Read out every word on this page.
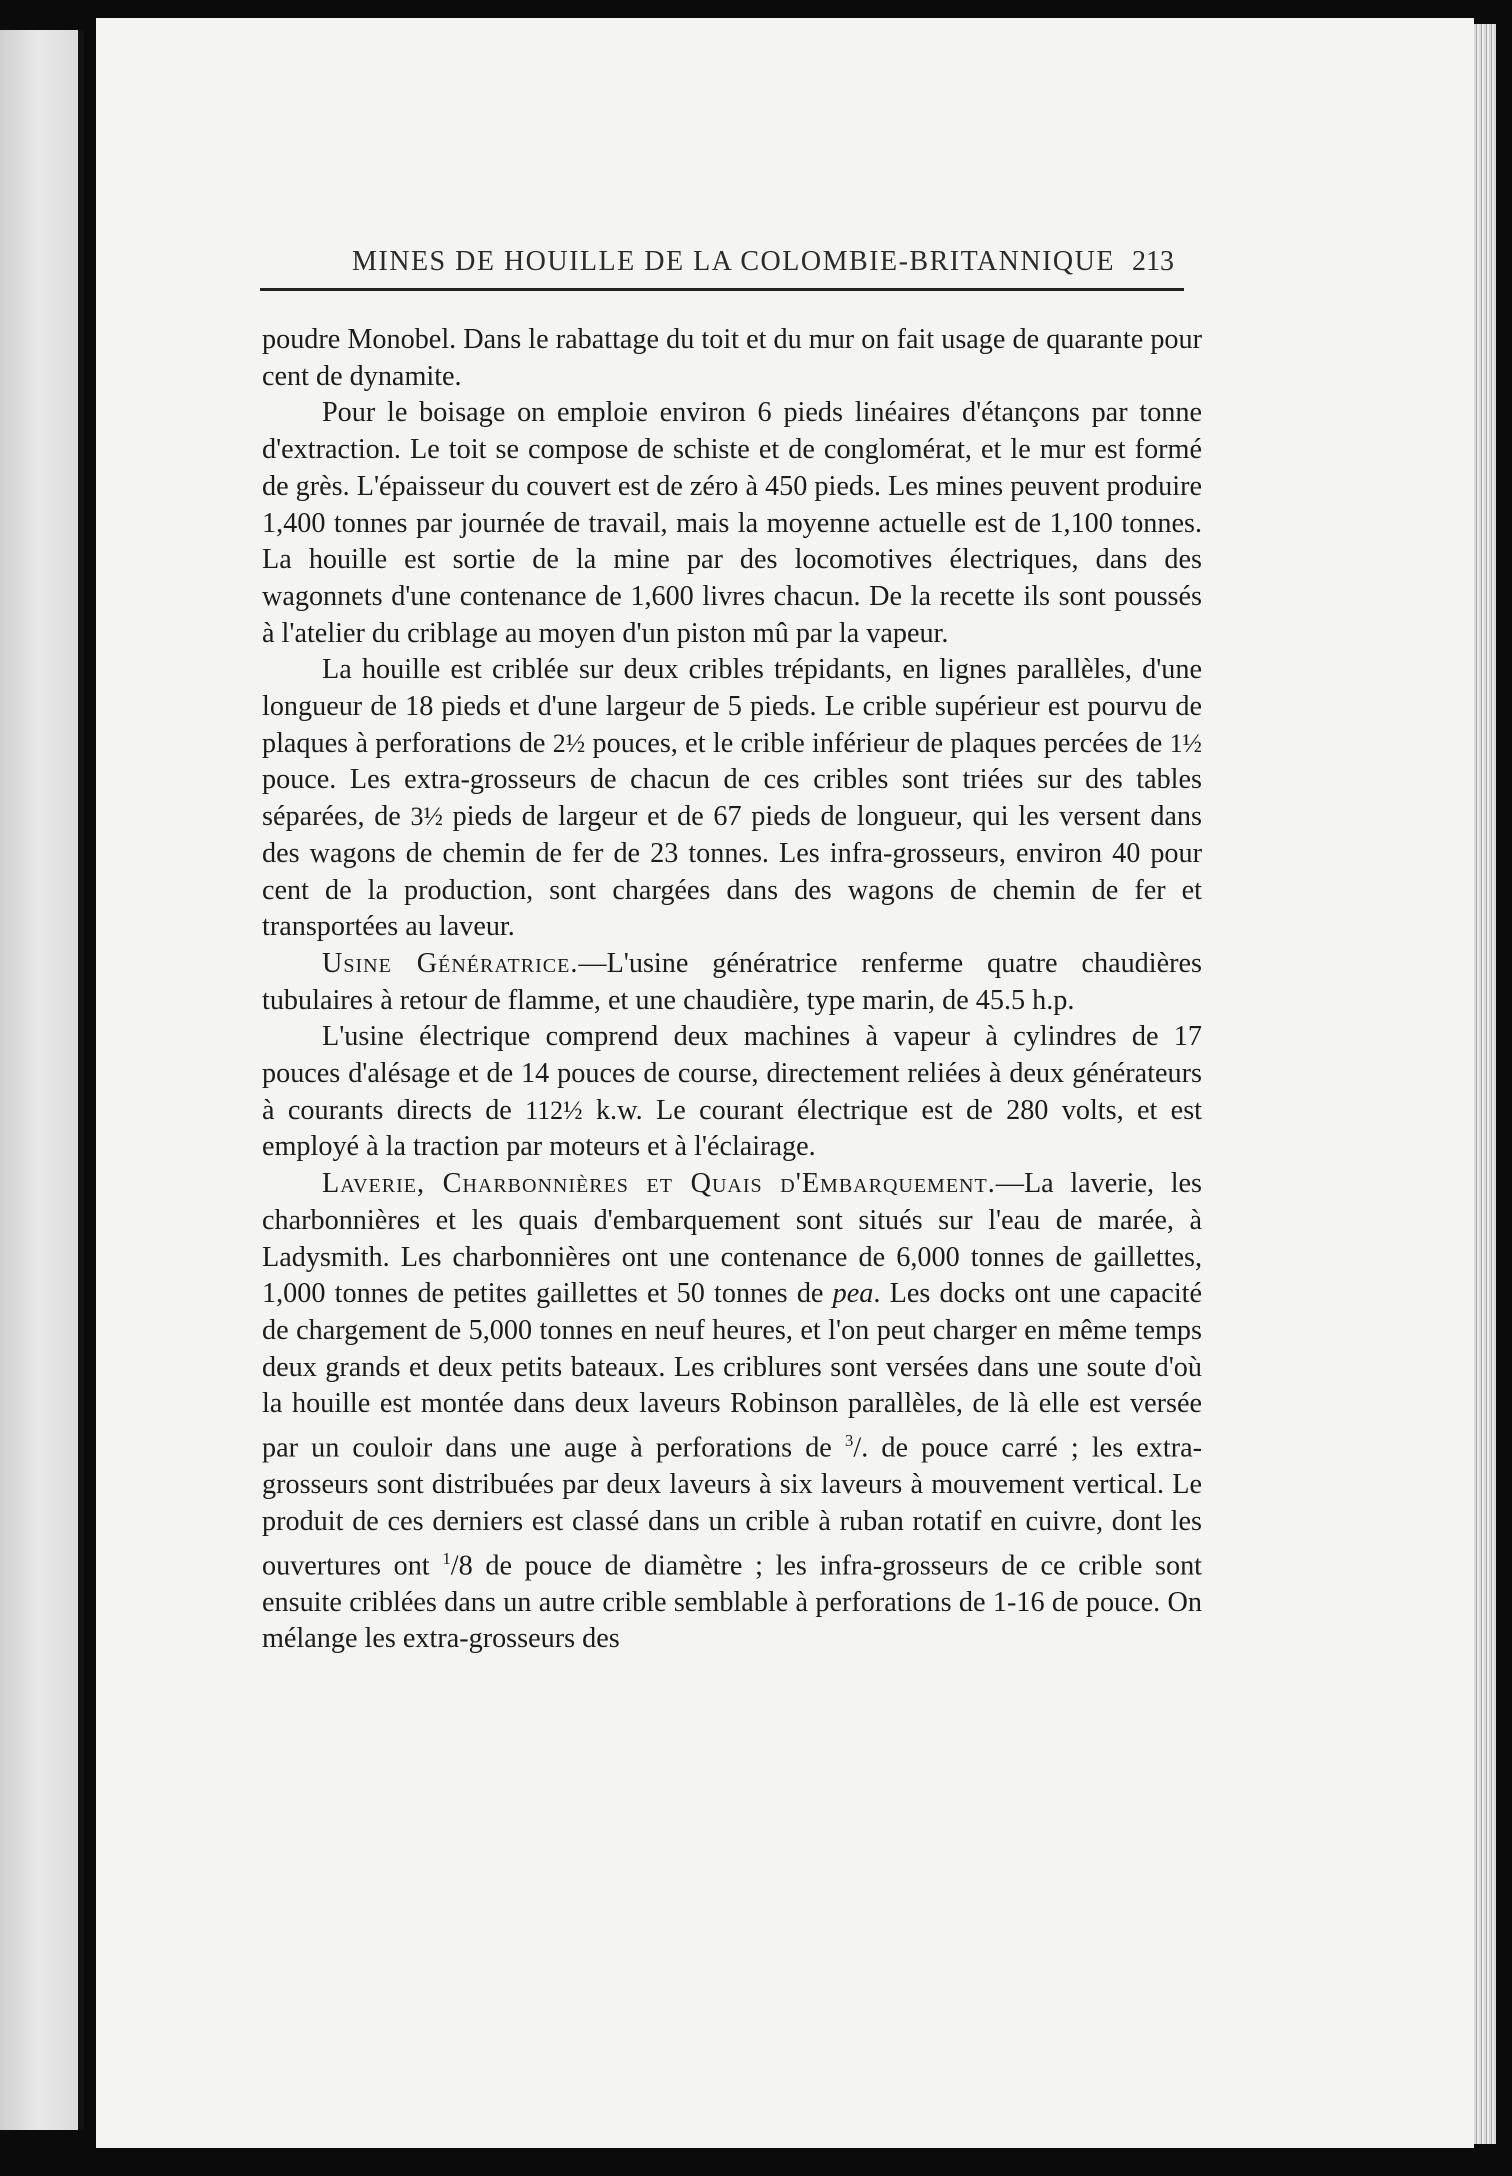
MINES DE HOUILLE DE LA COLOMBIE-BRITANNIQUE 213

poudre Monobel. Dans le rabattage du toit et du mur on fait usage de quarante pour cent de dynamite.

Pour le boisage on emploie environ 6 pieds linéaires d'étançons par tonne d'extraction. Le toit se compose de schiste et de conglomérat, et le mur est formé de grès. L'épaisseur du couvert est de zéro à 450 pieds. Les mines peuvent produire 1,400 tonnes par journée de travail, mais la moyenne actuelle est de 1,100 tonnes. La houille est sortie de la mine par des locomotives électriques, dans des wagonnets d'une contenance de 1,600 livres chacun. De la recette ils sont poussés à l'atelier du criblage au moyen d'un piston mû par la vapeur.

La houille est criblée sur deux cribles trépidants, en lignes parallèles, d'une longueur de 18 pieds et d'une largeur de 5 pieds. Le crible supérieur est pourvu de plaques à perforations de 2½ pouces, et le crible inférieur de plaques percées de 1½ pouce. Les extra-grosseurs de chacun de ces cribles sont triées sur des tables séparées, de 3½ pieds de largeur et de 67 pieds de longueur, qui les versent dans des wagons de chemin de fer de 23 tonnes. Les infra-grosseurs, environ 40 pour cent de la production, sont chargées dans des wagons de chemin de fer et transportées au laveur.

Usine Génératrice.—L'usine génératrice renferme quatre chaudières tubulaires à retour de flamme, et une chaudière, type marin, de 45.5 h.p.

L'usine électrique comprend deux machines à vapeur à cylindres de 17 pouces d'alésage et de 14 pouces de course, directement reliées à deux générateurs à courants directs de 112½ k.w. Le courant électrique est de 280 volts, et est employé à la traction par moteurs et à l'éclairage.

Laverie, Charbonnières et Quais d'Embarquement.—La laverie, les charbonnières et les quais d'embarquement sont situés sur l'eau de marée, à Ladysmith. Les charbonnières ont une contenance de 6,000 tonnes de gaillettes, 1,000 tonnes de petites gaillettes et 50 tonnes de pea. Les docks ont une capacité de chargement de 5,000 tonnes en neuf heures, et l'on peut charger en même temps deux grands et deux petits bateaux. Les criblures sont versées dans une soute d'où la houille est montée dans deux laveurs Robinson parallèles, de là elle est versée par un couloir dans une auge à perforations de $^3$/. de pouce carré ; les extra-grosseurs sont distribuées par deux laveurs à six laveurs à mouvement vertical. Le produit de ces derniers est classé dans un crible à ruban rotatif en cuivre, dont les ouvertures ont $^1$/8 de pouce de diamètre ; les infra-grosseurs de ce crible sont ensuite criblées dans un autre crible semblable à perforations de 1-16 de pouce. On mélange les extra-grosseurs des
